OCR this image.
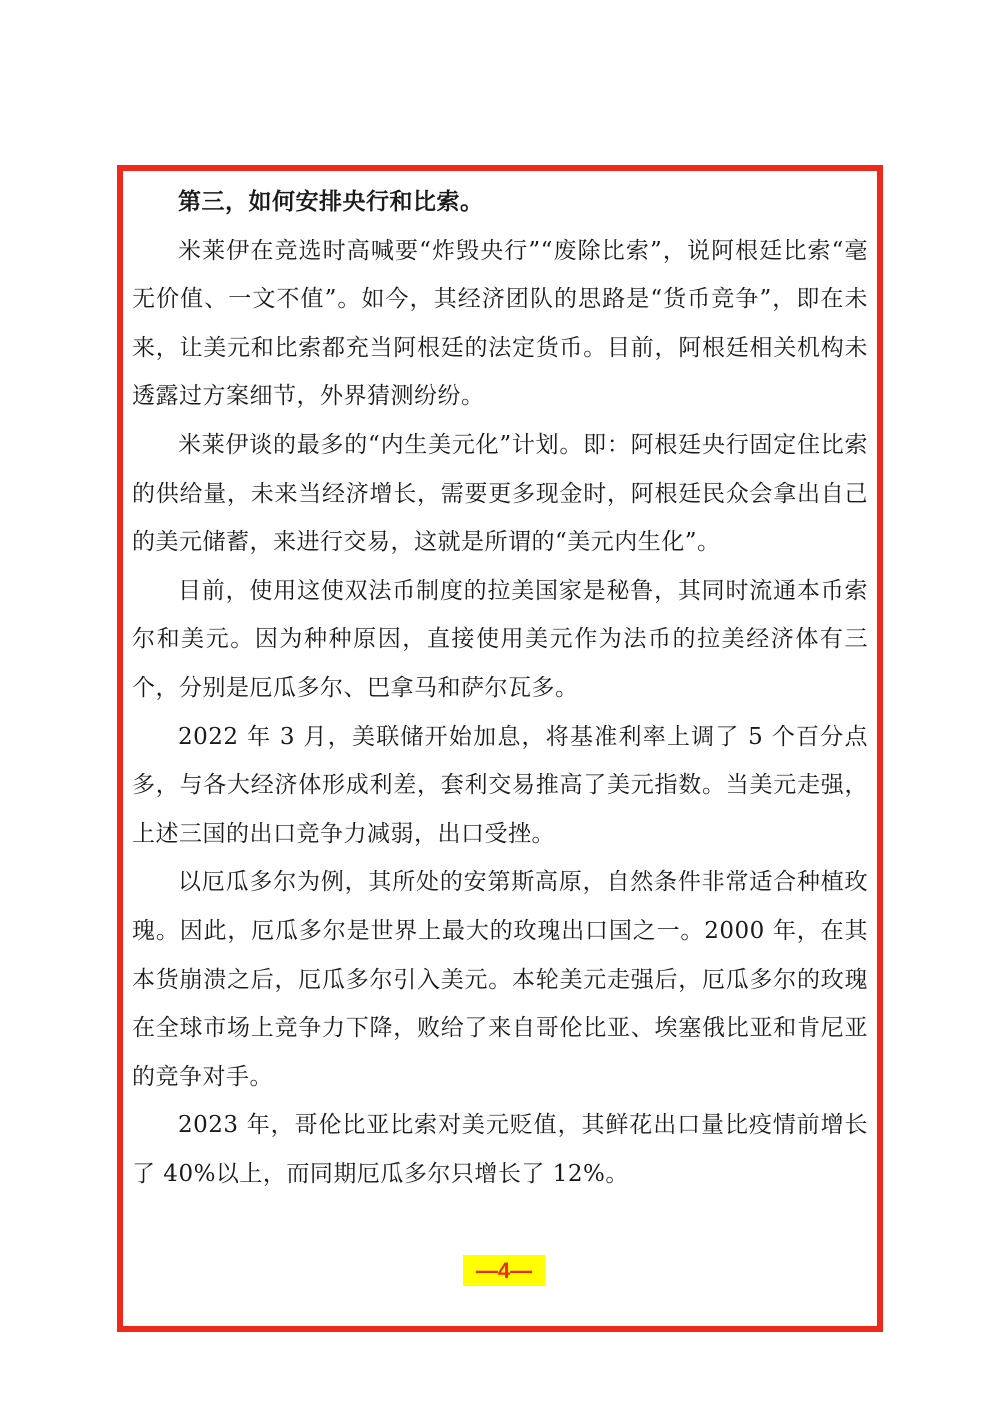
第三，如何安排央行和比索。

米莱伊在竞选时高喊要“炸毁央行”“废除比索”，说阿根廷比索“毫无价值、一文不值”。如今，其经济团队的思路是“货币竞争”，即在未来，让美元和比索都充当阿根廷的法定货币。目前，阿根廷相关机构未透露过方案细节，外界猜测纷纷。

米莱伊谈的最多的“内生美元化”计划。即：阿根廷央行固定住比索的供给量，未来当经济增长，需要更多现金时，阿根廷民众会拿出自己的美元储蓄，来进行交易，这就是所谓的“美元内生化”。

目前，使用这使双法币制度的拉美国家是秘鲁，其同时流通本币索尔和美元。因为种种原因，直接使用美元作为法币的拉美经济体有三个，分别是厄瓜多尔、巴拿马和萨尔瓦多。

2022 年 3 月，美联储开始加息，将基准利率上调了 5 个百分点多，与各大经济体形成利差，套利交易推高了美元指数。当美元走强，上述三国的出口竞争力减弱，出口受挫。

以厄瓜多尔为例，其所处的安第斯高原，自然条件非常适合种植玫瑰。因此，厄瓜多尔是世界上最大的玫瑰出口国之一。2000 年，在其本货崩溃之后，厄瓜多尔引入美元。本轮美元走强后，厄瓜多尔的玫瑰在全球市场上竞争力下降，败给了来自哥伦比亚、埃塞俄比亚和肯尼亚的竞争对手。

2023 年，哥伦比亚比索对美元贬值，其鲜花出口量比疫情前增长了 40%以上，而同期厄瓜多尔只增长了 12%。

—4—
